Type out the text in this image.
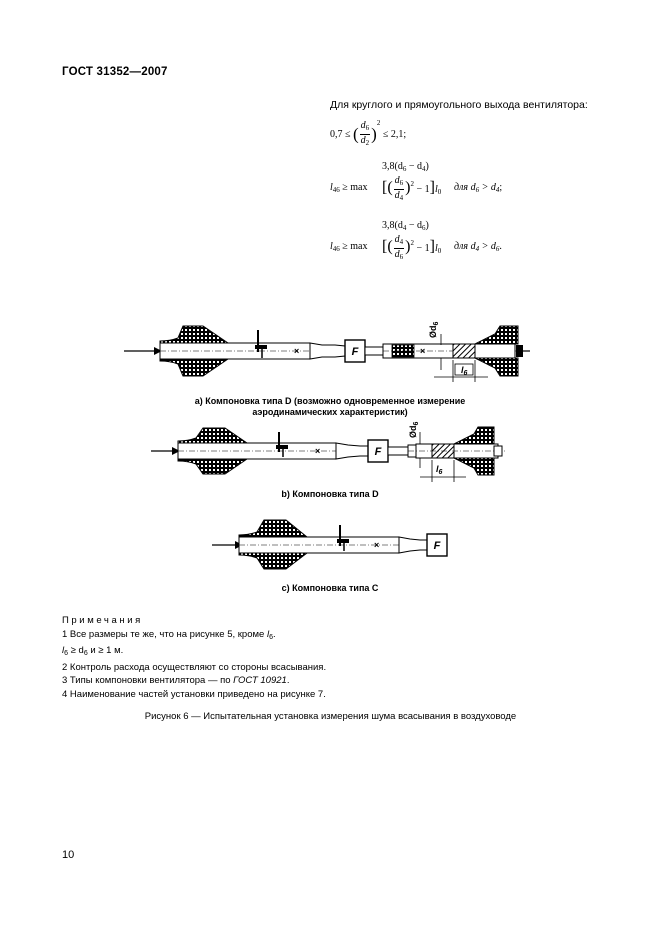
ГОСТ 31352—2007
Для круглого и прямоугольного выхода вентилятора:
0,7 ≤ ( $\frac{d_6}{d_2} )^2 \le 2,1$;
$3,8(d_6 - d_4)$
$l_{46} \ge \max$ [( $\frac{d_6}{d_4} )^2 - 1]l_0$ для $d_6 > d_4$;
$3,8(d_4 - d_6)$
$l_{46} \ge \max$ [( $\frac{d_4}{d_6} )^2 - 1]l_0$ для $d_4 > d_6$.
×	F	×
$Ød_6$
$l_6$
×	F
$Ød_6$
$l_6$
×	F
a) Компоновка типа D (возможно одновременное измерение
аэродинамических характеристик)
b) Компоновка типа D
c) Компоновка типа C
Примечания
1 Все размеры те же, что на рисунке 5, кроме $l_6$.
$l_6 \ge d_6$ и ≥ 1 м.
2 Контроль расхода осуществляют со стороны всасывания.
3 Типы компоновки вентилятора — по ГОСТ 10921.
4 Наименование частей установки приведено на рисунке 7.
Рисунок 6 — Испытательная установка измерения шума всасывания в воздуховоде
10
